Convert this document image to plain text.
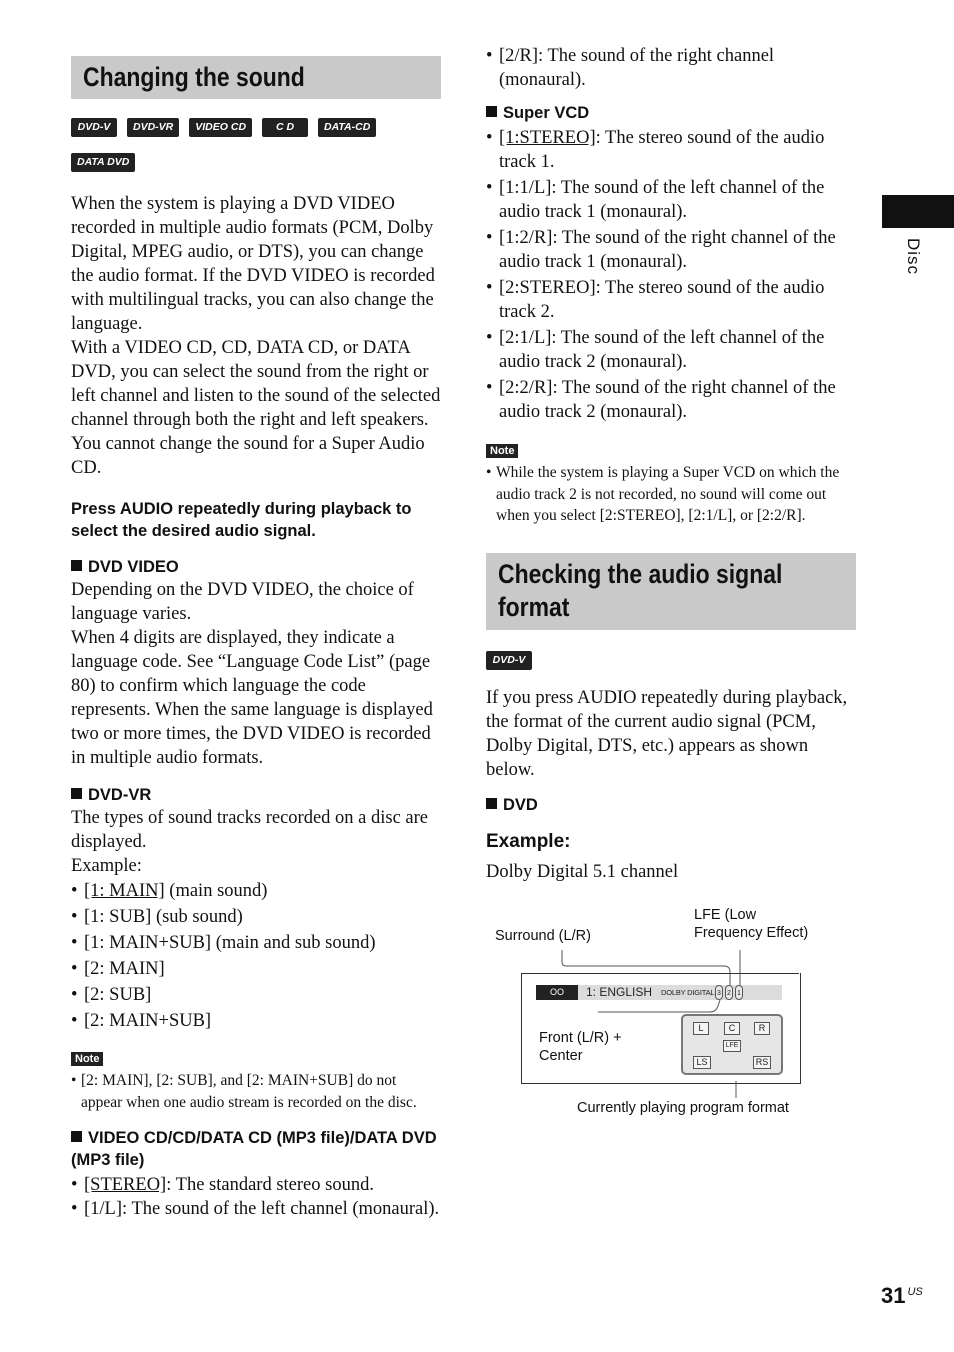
Changing the sound
DVD-V DVD-VR VIDEO CD	C D	DATA-CD
DATA DVD

When the system is playing a DVD VIDEO recorded in multiple audio formats (PCM, Dolby Digital, MPEG audio, or DTS), you can change the audio format. If the DVD VIDEO is recorded with multilingual tracks, you can also change the language.

With a VIDEO CD, CD, DATA CD, or DATA DVD, you can select the sound from the right or left channel and listen to the sound of the selected channel through both the right and left speakers.

You cannot change the sound for a Super Audio CD.

Press AUDIO repeatedly during playback to select the desired audio signal.

DVD VIDEO

Depending on the DVD VIDEO, the choice of language varies.

When 4 digits are displayed, they indicate a language code. See “Language Code List” (page 80) to confirm which language the code represents. When the same language is displayed two or more times, the DVD VIDEO is recorded in multiple audio formats.

DVD-VR

The types of sound tracks recorded on a disc are displayed.

Example:

• [1: MAIN] (main sound)
• [1: SUB] (sub sound)
• [1: MAIN+SUB] (main and sub sound)
• [2: MAIN]
• [2: SUB]
• [2: MAIN+SUB]
Note

• [2: MAIN], [2: SUB], and [2: MAIN+SUB] do not appear when one audio stream is recorded on the disc.

VIDEO CD/CD/DATA CD (MP3 file)/DATA DVD (MP3 file)

• [STEREO]: The standard stereo sound.
• [1/L]: The sound of the left channel (monaural).
• [2/R]: The sound of the right channel (monaural).

Super VCD

• [1:STEREO]: The stereo sound of the audio track 1.
• [1:1/L]: The sound of the left channel of the audio track 1 (monaural).
• [1:2/R]: The sound of the right channel of the audio track 1 (monaural).
• [2:STEREO]: The stereo sound of the audio track 2.
• [2:1/L]: The sound of the left channel of the audio track 2 (monaural).
• [2:2/R]: The sound of the right channel of the audio track 2 (monaural).
Note

• While the system is playing a Super VCD on which the audio track 2 is not recorded, no sound will come out when you select [2:STEREO], [2:1/L], or [2:2/R].

Checking the audio signal
format
DVD-V

If you press AUDIO repeatedly during playback, the format of the current audio signal (PCM, Dolby Digital, DTS, etc.) appears as shown below.

DVD

Example:

Dolby Digital 5.1 channel

LFE (Low
Frequency Effect)
Surround (L/R)
OO	1: ENGLISH DOLBY DIGITAL 3 2 1
Front (L/R) +
Center
L	C	R
LFE
LS	RS
Currently playing program format
Disc
31 $^{US}$
